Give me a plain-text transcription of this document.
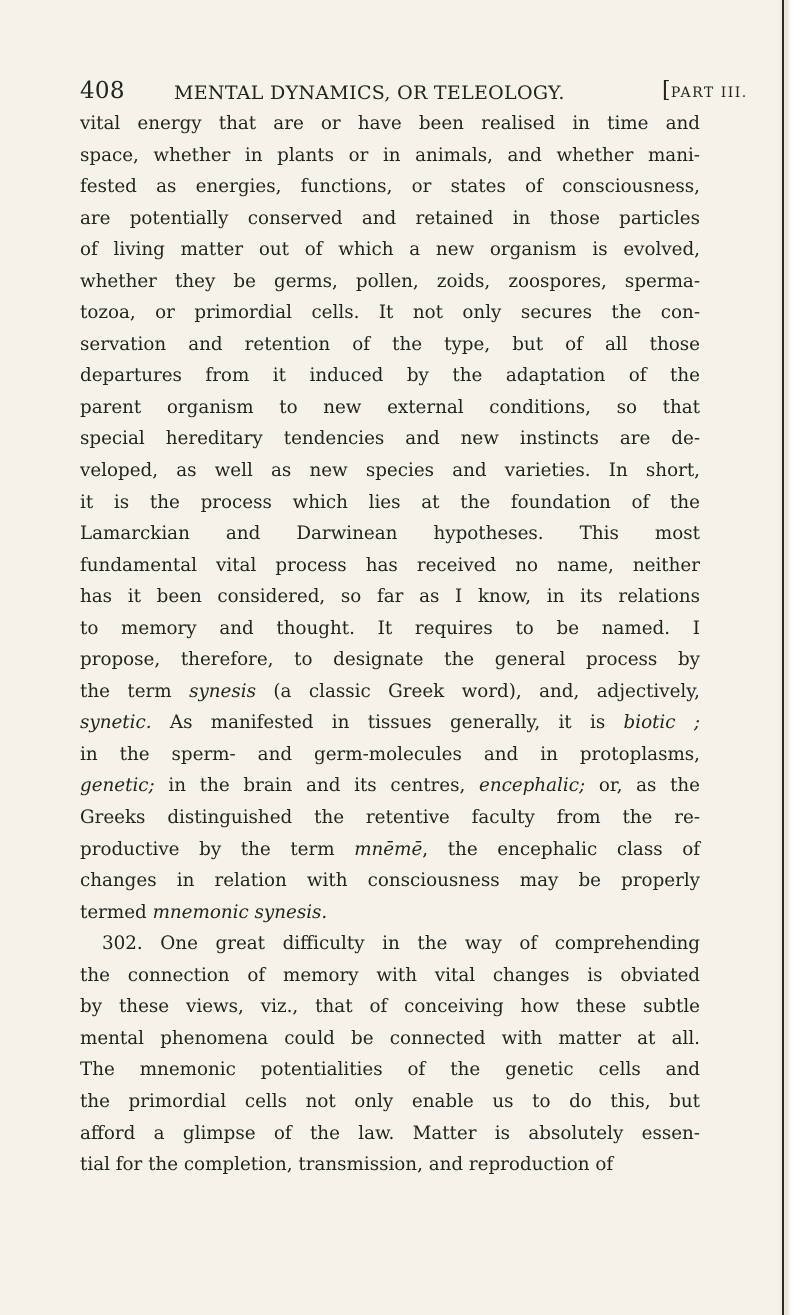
408	MENTAL DYNAMICS, OR TELEOLOGY.	[PART III.
vital energy that are or have been realised in time and
space, whether in plants or in animals, and whether mani-
fested as energies, functions, or states of consciousness,
are potentially conserved and retained in those particles
of living matter out of which a new organism is evolved,
whether they be germs, pollen, zoids, zoospores, sperma-
tozoa, or primordial cells. It not only secures the con-
servation and retention of the type, but of all those
departures from it induced by the adaptation of the
parent organism to new external conditions, so that
special hereditary tendencies and new instincts are de-
veloped, as well as new species and varieties. In short,
it is the process which lies at the foundation of the
Lamarckian and Darwinean hypotheses. This most
fundamental vital process has received no name, neither
has it been considered, so far as I know, in its relations
to memory and thought. It requires to be named. I
propose, therefore, to designate the general process by
the term synesis (a classic Greek word), and, adjectively,
synetic. As manifested in tissues generally, it is biotic ;
in the sperm- and germ-molecules and in protoplasms,
genetic; in the brain and its centres, encephalic; or, as the
Greeks distinguished the retentive faculty from the re-
productive by the term mnēmē, the encephalic class of
changes in relation with consciousness may be properly
termed mnemonic synesis.
302. One great difficulty in the way of comprehending
the connection of memory with vital changes is obviated
by these views, viz., that of conceiving how these subtle
mental phenomena could be connected with matter at all.
The mnemonic potentialities of the genetic cells and
the primordial cells not only enable us to do this, but
afford a glimpse of the law. Matter is absolutely essen-
tial for the completion, transmission, and reproduction of
